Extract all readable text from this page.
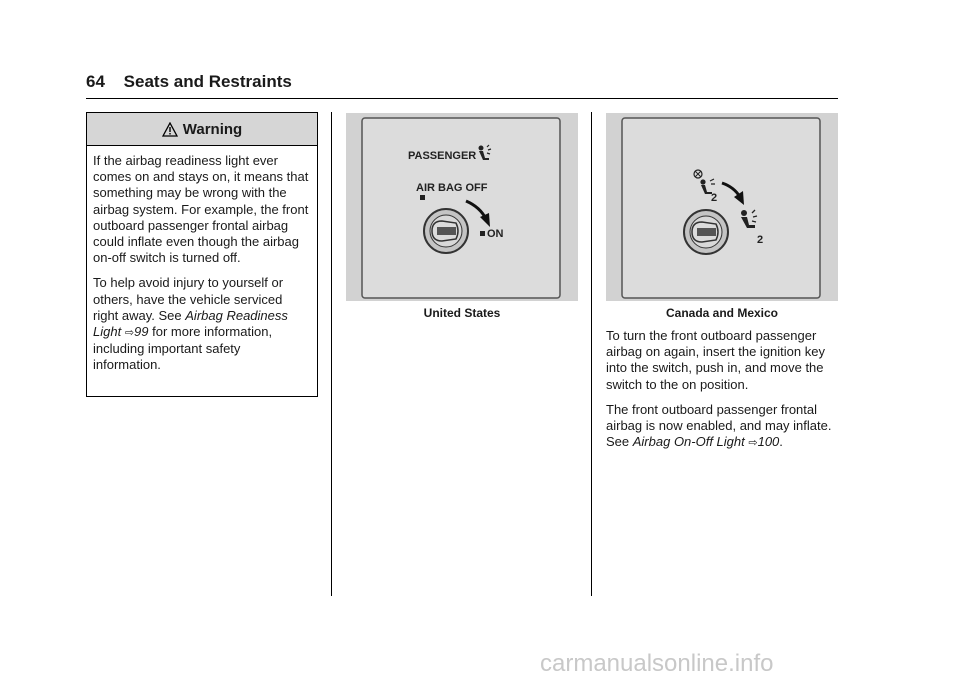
64 Seats and Restraints
Warning

If the airbag readiness light ever comes on and stays on, it means that something may be wrong with the airbag system. For example, the front outboard passenger frontal airbag could inflate even though the airbag on-off switch is turned off.

To help avoid injury to yourself or others, have the vehicle serviced right away. See Airbag Readiness Light ⇨99 for more information, including important safety information.

PASSENGER
AIR BAG OFF
ON
United States
2
2
Canada and Mexico

To turn the front outboard passenger airbag on again, insert the ignition key into the switch, push in, and move the switch to the on position.

The front outboard passenger frontal airbag is now enabled, and may inflate. See Airbag On-Off Light ⇨100.

carmanualsonline.info
